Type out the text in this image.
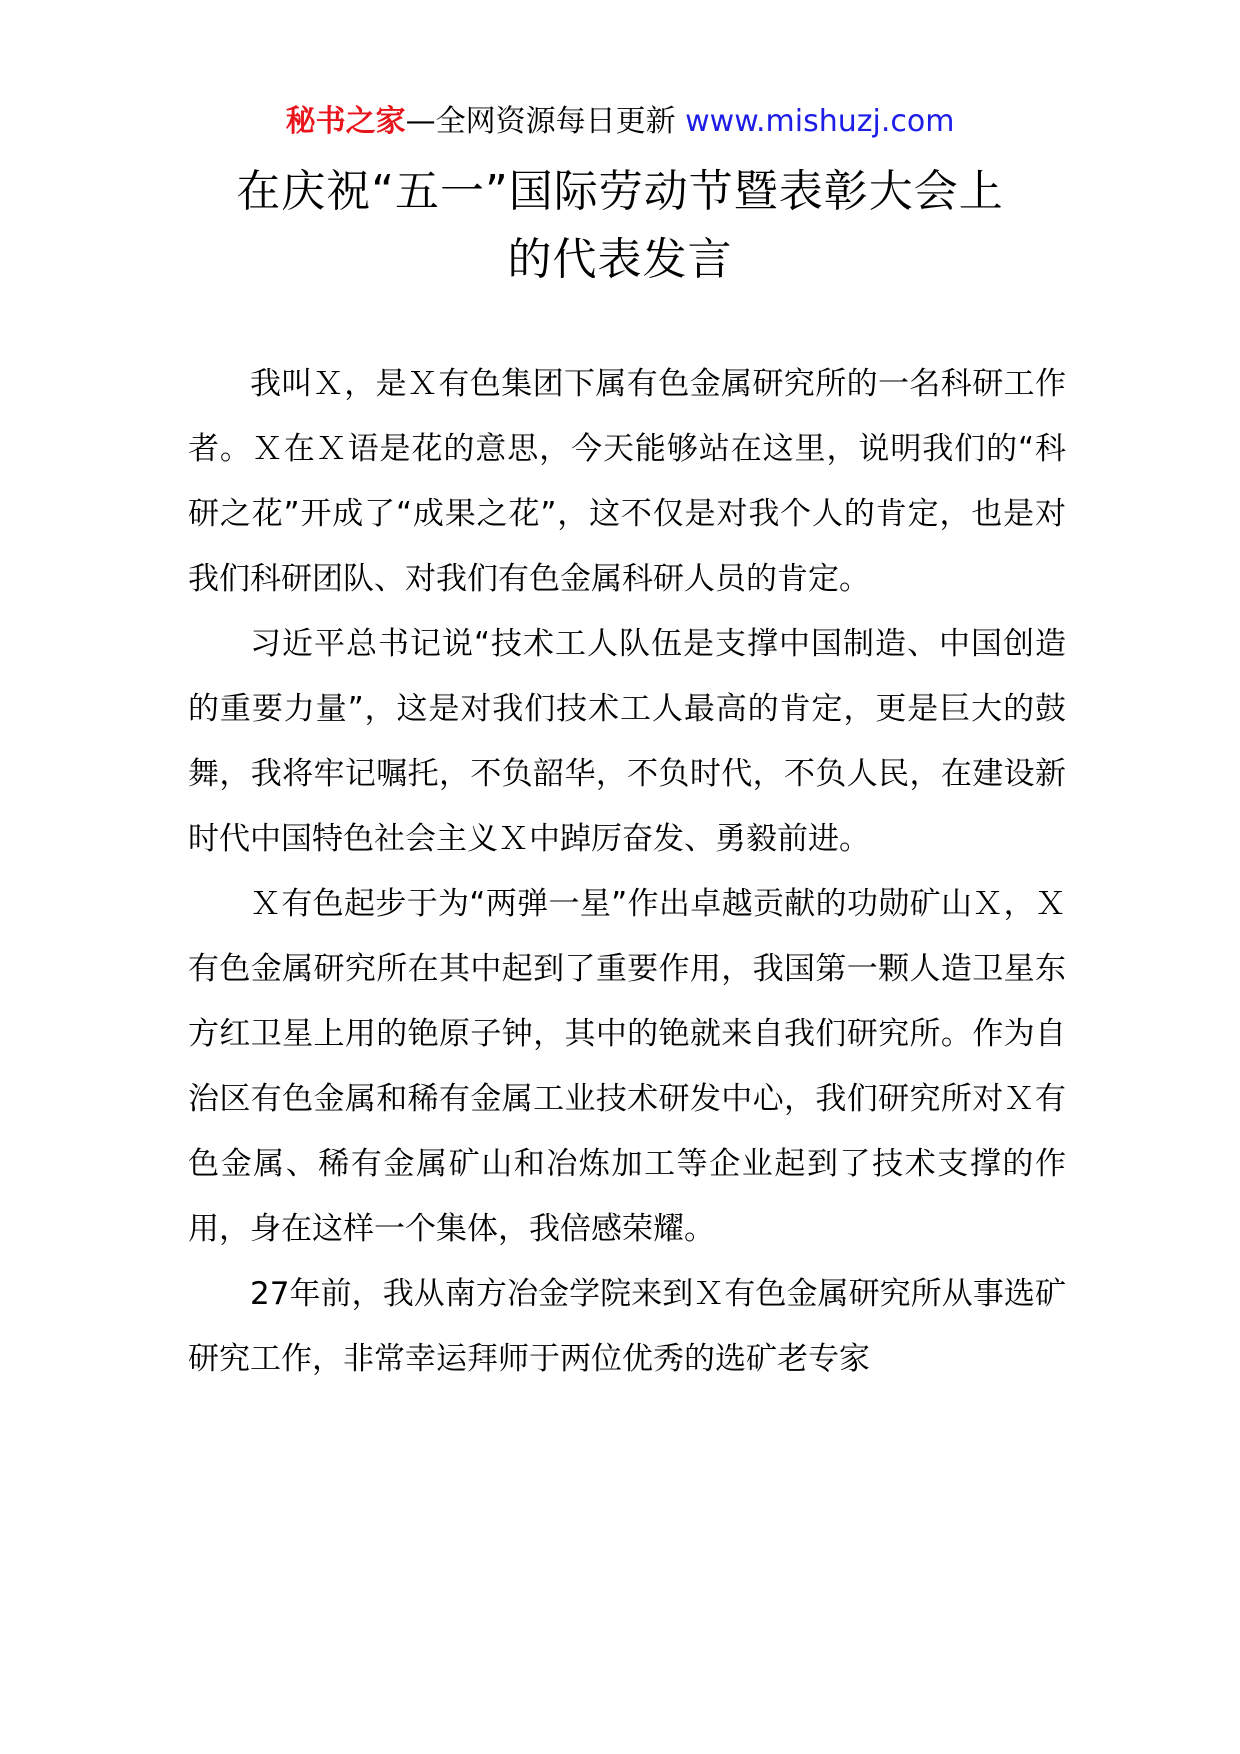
秘书之家—全网资源每日更新 www.mishuzj.com
在庆祝“五一”国际劳动节暨表彰大会上
的代表发言

我叫Ｘ，是Ｘ有色集团下属有色金属研究所的一名科研工作者。Ｘ在Ｘ语是花的意思，今天能够站在这里，说明我们的“科研之花”开成了“成果之花”，这不仅是对我个人的肯定，也是对我们科研团队、对我们有色金属科研人员的肯定。

习近平总书记说“技术工人队伍是支撑中国制造、中国创造的重要力量”，这是对我们技术工人最高的肯定，更是巨大的鼓舞，我将牢记嘱托，不负韶华，不负时代，不负人民，在建设新时代中国特色社会主义Ｘ中踔厉奋发、勇毅前进。

Ｘ有色起步于为“两弹一星”作出卓越贡献的功勋矿山Ｘ，Ｘ有色金属研究所在其中起到了重要作用，我国第一颗人造卫星东方红卫星上用的铯原子钟，其中的铯就来自我们研究所。作为自治区有色金属和稀有金属工业技术研发中心，我们研究所对Ｘ有色金属、稀有金属矿山和冶炼加工等企业起到了技术支撑的作用，身在这样一个集体，我倍感荣耀。

27年前，我从南方冶金学院来到Ｘ有色金属研究所从事选矿研究工作，非常幸运拜师于两位优秀的选矿老专家
